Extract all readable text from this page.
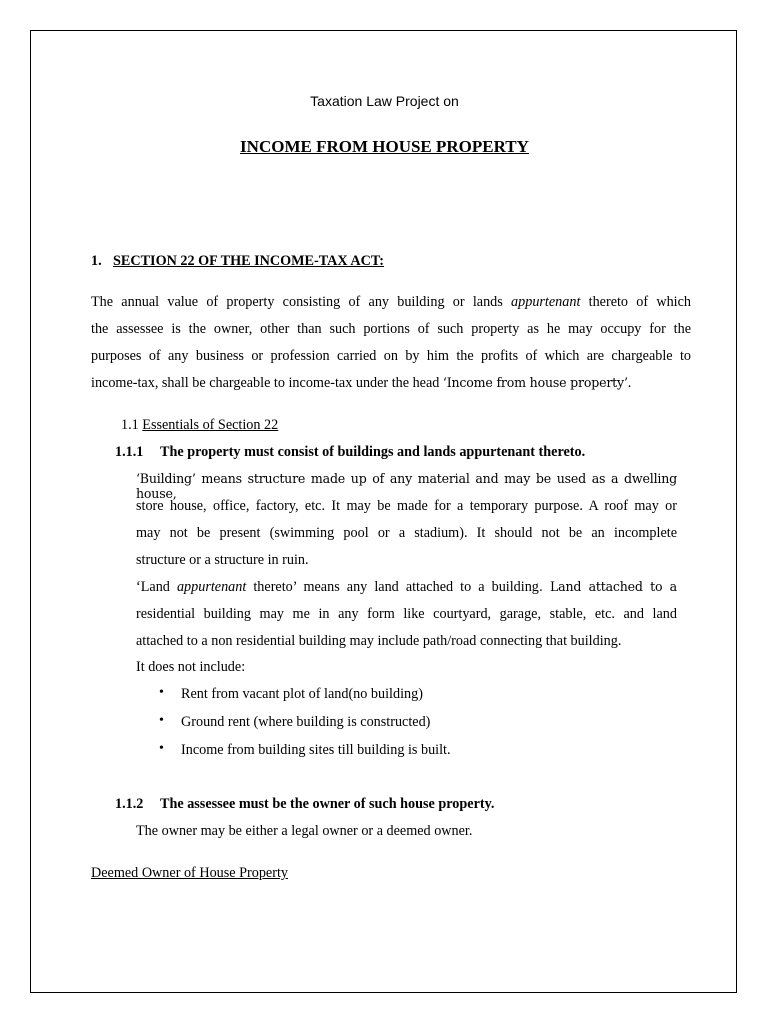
Taxation Law Project on
INCOME FROM HOUSE PROPERTY
1. SECTION 22 OF THE INCOME-TAX ACT:
The annual value of property consisting of any building or lands appurtenant thereto of which
the assessee is the owner, other than such portions of such property as he may occupy for the
purposes of any business or profession carried on by him the profits of which are chargeable to
income-tax, shall be chargeable to income-tax under the head ‘Income from house property’.
1.1 Essentials of Section 22
1.1.1 The property must consist of buildings and lands appurtenant thereto.
‘Building’ means structure made up of any material and may be used as a dwelling house,
store house, office, factory, etc. It may be made for a temporary purpose. A roof may or
may not be present (swimming pool or a stadium). It should not be an incomplete
structure or a structure in ruin.
‘Land appurtenant thereto’ means any land attached to a building. Land attached to a
residential building may me in any form like courtyard, garage, stable, etc. and land
attached to a non residential building may include path/road connecting that building.
It does not include:
• Rent from vacant plot of land(no building)
• Ground rent (where building is constructed)
• Income from building sites till building is built.
1.1.2 The assessee must be the owner of such house property.
The owner may be either a legal owner or a deemed owner.
Deemed Owner of House Property
